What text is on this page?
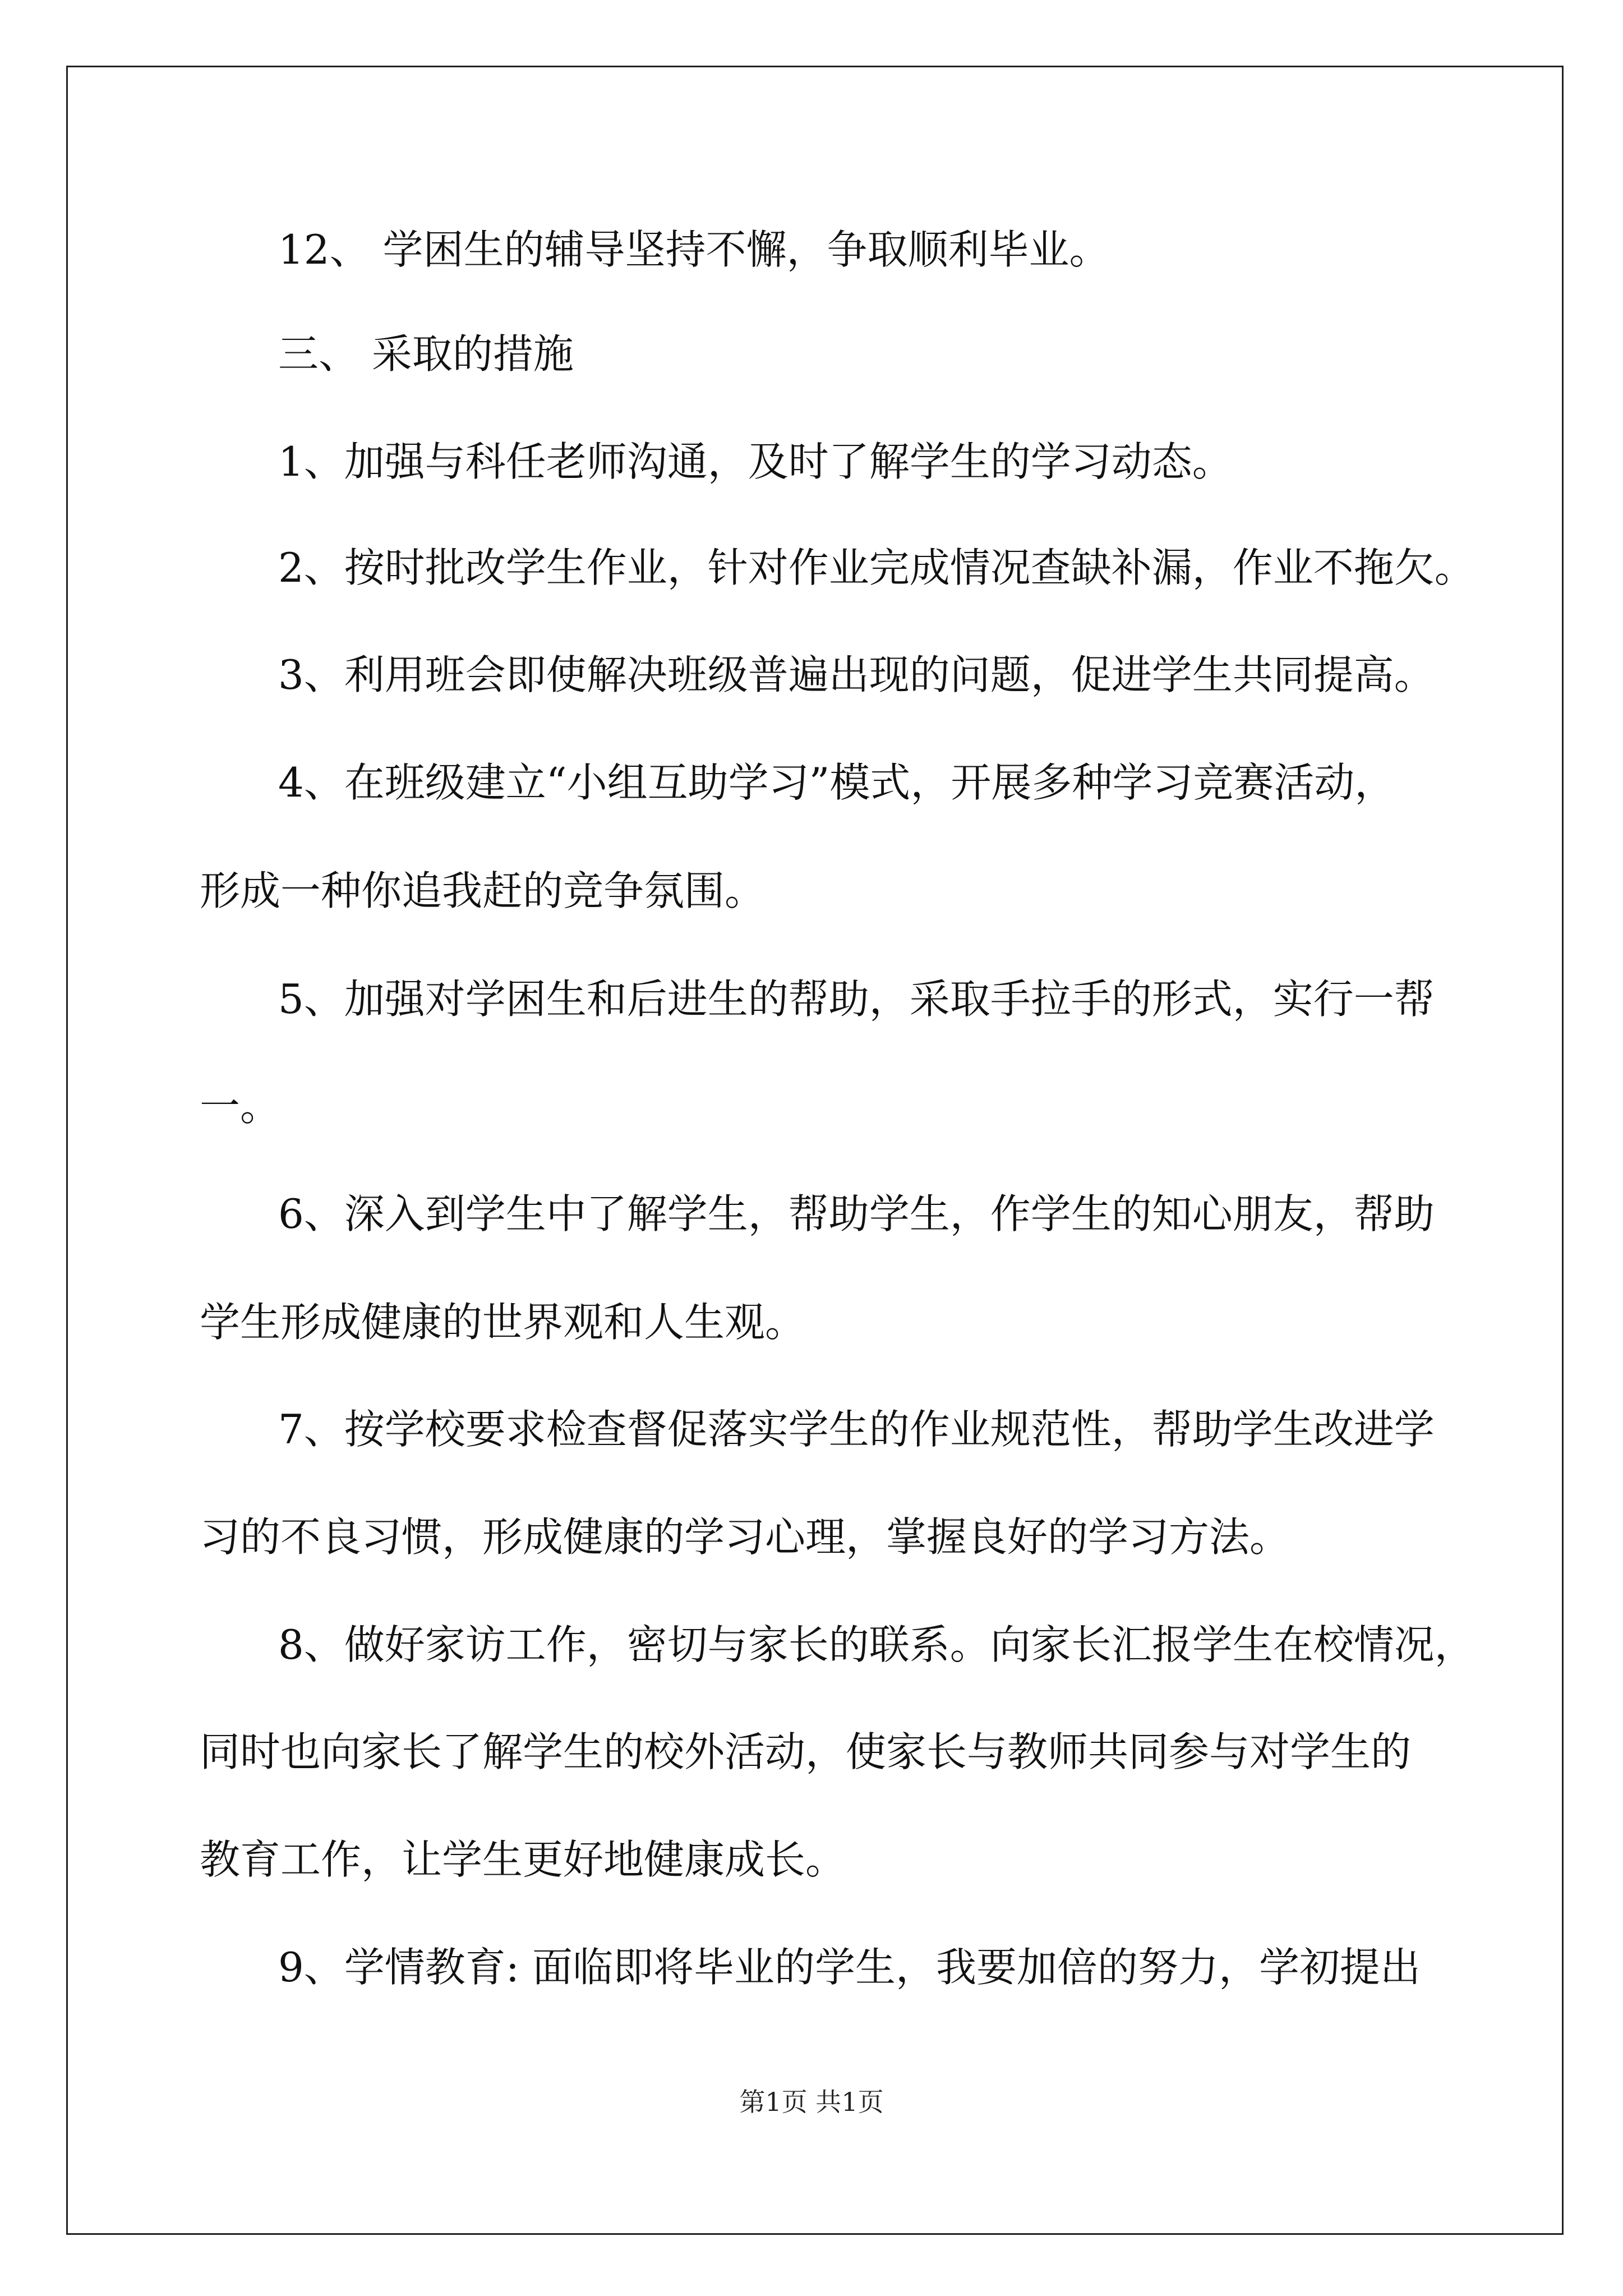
12、 学困生的辅导坚持不懈，争取顺利毕业。
三、 采取的措施
1、加强与科任老师沟通，及时了解学生的学习动态。
2、按时批改学生作业，针对作业完成情况查缺补漏，作业不拖欠。
3、利用班会即使解决班级普遍出现的问题，促进学生共同提高。
4、在班级建立“小组互助学习”模式，开展多种学习竞赛活动，
形成一种你追我赶的竞争氛围。
5、加强对学困生和后进生的帮助，采取手拉手的形式，实行一帮
一。
6、深入到学生中了解学生，帮助学生，作学生的知心朋友，帮助
学生形成健康的世界观和人生观。
7、按学校要求检查督促落实学生的作业规范性，帮助学生改进学
习的不良习惯，形成健康的学习心理，掌握良好的学习方法。
8、做好家访工作，密切与家长的联系。向家长汇报学生在校情况，
同时也向家长了解学生的校外活动，使家长与教师共同参与对学生的
教育工作，让学生更好地健康成长。
9、学情教育: 面临即将毕业的学生，我要加倍的努力，学初提出
第1页 共1页
